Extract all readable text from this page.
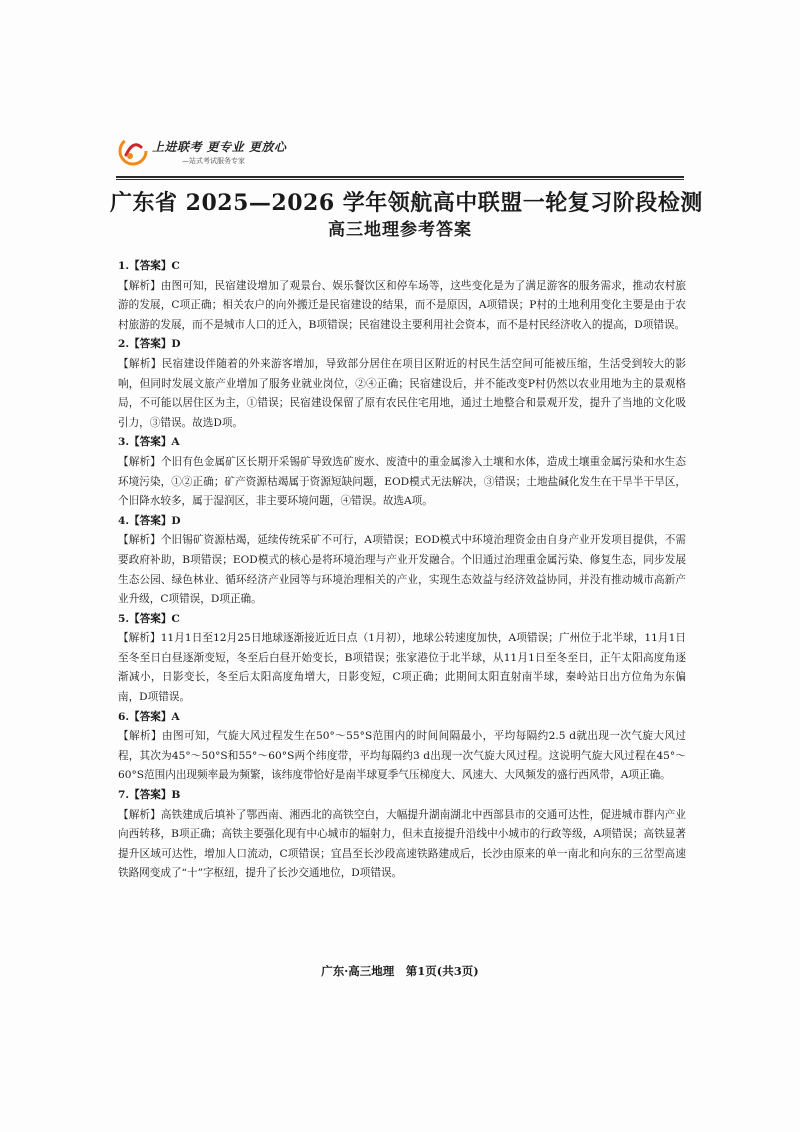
上进联考 更专业 更放心
—站式考试服务专家
广东省 2025—2026 学年领航高中联盟一轮复习阶段检测
高三地理参考答案
1.【答案】C
【解析】由图可知，民宿建设增加了观景台、娱乐餐饮区和停车场等，这些变化是为了满足游客的服务需求，推动农村旅游的发展，C项正确；相关农户的向外搬迁是民宿建设的结果，而不是原因，A项错误；P村的土地利用变化主要是由于农村旅游的发展，而不是城市人口的迁入，B项错误；民宿建设主要利用社会资本，而不是村民经济收入的提高，D项错误。
2.【答案】D
【解析】民宿建设伴随着的外来游客增加，导致部分居住在项目区附近的村民生活空间可能被压缩，生活受到较大的影响，但同时发展文旅产业增加了服务业就业岗位，②④正确；民宿建设后，并不能改变P村仍然以农业用地为主的景观格局，不可能以居住区为主，①错误；民宿建设保留了原有农民住宅用地，通过土地整合和景观开发，提升了当地的文化吸引力，③错误。故选D项。
3.【答案】A
【解析】个旧有色金属矿区长期开采锡矿导致选矿废水、废渣中的重金属渗入土壤和水体，造成土壤重金属污染和水生态环境污染，①②正确；矿产资源枯竭属于资源短缺问题，EOD模式无法解决，③错误；土地盐碱化发生在干旱半干旱区，个旧降水较多，属于湿润区，非主要环境问题，④错误。故选A项。
4.【答案】D
【解析】个旧锡矿资源枯竭，延续传统采矿不可行，A项错误；EOD模式中环境治理资金由自身产业开发项目提供，不需要政府补助，B项错误；EOD模式的核心是将环境治理与产业开发融合。个旧通过治理重金属污染、修复生态，同步发展生态公园、绿色林业、循环经济产业园等与环境治理相关的产业，实现生态效益与经济效益协同，并没有推动城市高新产业升级，C项错误，D项正确。
5.【答案】C
【解析】11月1日至12月25日地球逐渐接近近日点（1月初），地球公转速度加快，A项错误；广州位于北半球，11月1日至冬至日白昼逐渐变短，冬至后白昼开始变长，B项错误；张家港位于北半球，从11月1日至冬至日，正午太阳高度角逐渐减小，日影变长，冬至后太阳高度角增大，日影变短，C项正确；此期间太阳直射南半球，秦岭站日出方位角为东偏南，D项错误。
6.【答案】A
【解析】由图可知，气旋大风过程发生在50°～55°S范围内的时间间隔最小，平均每隔约2.5 d就出现一次气旋大风过程，其次为45°～50°S和55°～60°S两个纬度带，平均每隔约3 d出现一次气旋大风过程。这说明气旋大风过程在45°～60°S范围内出现频率最为频繁，该纬度带恰好是南半球夏季气压梯度大、风速大、大风频发的盛行西风带，A项正确。
7.【答案】B
【解析】高铁建成后填补了鄂西南、湘西北的高铁空白，大幅提升湖南湖北中西部县市的交通可达性，促进城市群内产业向西转移，B项正确；高铁主要强化现有中心城市的辐射力，但未直接提升沿线中小城市的行政等级，A项错误；高铁显著提升区域可达性，增加人口流动，C项错误；宜昌至长沙段高速铁路建成后，长沙由原来的单一南北和向东的三岔型高速铁路网变成了“十”字枢纽，提升了长沙交通地位，D项错误。
广东·高三地理　第1页(共3页)
